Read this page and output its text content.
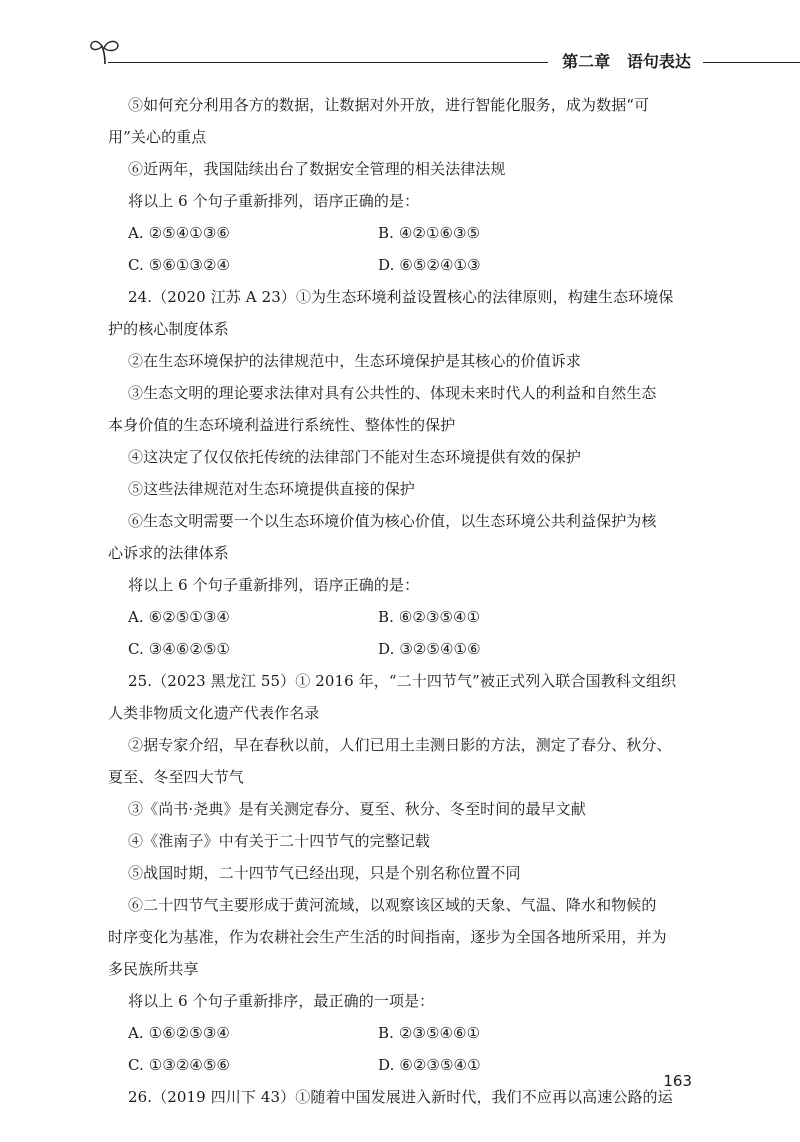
第二章 语句表达
⑤如何充分利用各方的数据，让数据对外开放，进行智能化服务，成为数据“可
用”关心的重点
⑥近两年，我国陆续出台了数据安全管理的相关法律法规
将以上 6 个句子重新排列，语序正确的是：
A. ②⑤④①③⑥	B. ④②①⑥③⑤
C. ⑤⑥①③②④	D. ⑥⑤②④①③
24.（2020 江苏 A 23）①为生态环境利益设置核心的法律原则，构建生态环境保
护的核心制度体系
②在生态环境保护的法律规范中，生态环境保护是其核心的价值诉求
③生态文明的理论要求法律对具有公共性的、体现未来时代人的利益和自然生态
本身价值的生态环境利益进行系统性、整体性的保护
④这决定了仅仅依托传统的法律部门不能对生态环境提供有效的保护
⑤这些法律规范对生态环境提供直接的保护
⑥生态文明需要一个以生态环境价值为核心价值，以生态环境公共利益保护为核
心诉求的法律体系
将以上 6 个句子重新排列，语序正确的是：
A. ⑥②⑤①③④	B. ⑥②③⑤④①
C. ③④⑥②⑤①	D. ③②⑤④①⑥
25.（2023 黑龙江 55）① 2016 年，“二十四节气”被正式列入联合国教科文组织
人类非物质文化遗产代表作名录
②据专家介绍，早在春秋以前，人们已用土圭测日影的方法，测定了春分、秋分、
夏至、冬至四大节气
③《尚书·尧典》是有关测定春分、夏至、秋分、冬至时间的最早文献
④《淮南子》中有关于二十四节气的完整记载
⑤战国时期，二十四节气已经出现，只是个别名称位置不同
⑥二十四节气主要形成于黄河流域，以观察该区域的天象、气温、降水和物候的
时序变化为基准，作为农耕社会生产生活的时间指南，逐步为全国各地所采用，并为
多民族所共享
将以上 6 个句子重新排序，最正确的一项是：
A. ①⑥②⑤③④	B. ②③⑤④⑥①
C. ①③②④⑤⑥	D. ⑥②③⑤④①
26.（2019 四川下 43）①随着中国发展进入新时代，我们不应再以高速公路的运
163
